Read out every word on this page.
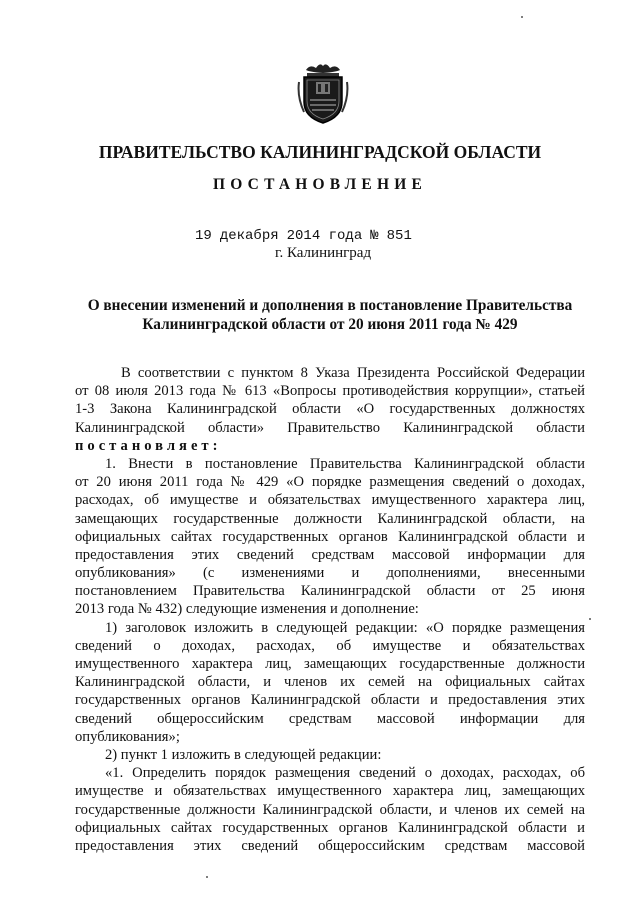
ПРАВИТЕЛЬСТВО КАЛИНИНГРАДСКОЙ ОБЛАСТИ
ПОСТАНОВЛЕНИЕ
19 декабря 2014 года № 851
г. Калининград
О внесении изменений и дополнения в постановление Правительства
Калининградской области от 20 июня 2011 года № 429
В соответствии с пунктом 8 Указа Президента Российской Федерации
от 08 июля 2013 года № 613 «Вопросы противодействия коррупции», статьей
1-3 Закона Калининградской области «О государственных должностях
Калининградской области» Правительство Калининградской области
постановляет:
1. Внести в постановление Правительства Калининградской области
от 20 июня 2011 года № 429 «О порядке размещения сведений о доходах,
расходах, об имуществе и обязательствах имущественного характера лиц,
замещающих государственные должности Калининградской области, на
официальных сайтах государственных органов Калининградской области и
предоставления этих сведений средствам массовой информации для
опубликования» (с изменениями и дополнениями, внесенными
постановлением Правительства Калининградской области от 25 июня
2013 года № 432) следующие изменения и дополнение:
1) заголовок изложить в следующей редакции: «О порядке размещения
сведений о доходах, расходах, об имуществе и обязательствах
имущественного характера лиц, замещающих государственные должности
Калининградской области, и членов их семей на официальных сайтах
государственных органов Калининградской области и предоставления этих
сведений общероссийским средствам массовой информации для
опубликования»;
2) пункт 1 изложить в следующей редакции:
«1. Определить порядок размещения сведений о доходах, расходах, об
имуществе и обязательствах имущественного характера лиц, замещающих
государственные должности Калининградской области, и членов их семей на
официальных сайтах государственных органов Калининградской области и
предоставления этих сведений общероссийским средствам массовой
